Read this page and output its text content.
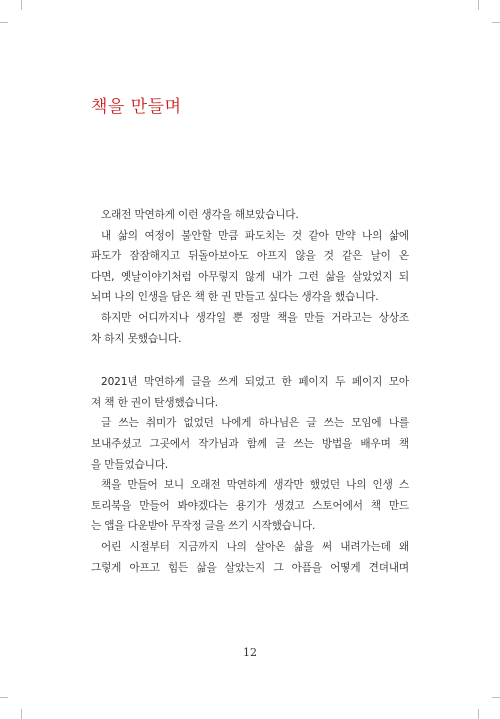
책을 만들며
오래전 막연하게 이런 생각을 해보았습니다.
내 삶의 여정이 불안할 만큼 파도치는 것 같아 만약 나의 삶에
파도가 잠잠해지고 뒤돌아보아도 아프지 않을 것 같은 날이 온
다면, 옛날이야기처럼 아무렇지 않게 내가 그런 삶을 살았었지 되
뇌며 나의 인생을 담은 책 한 권 만들고 싶다는 생각을 했습니다.
하지만 어디까지나 생각일 뿐 정말 책을 만들 거라고는 상상조
차 하지 못했습니다.
2021년 막연하게 글을 쓰게 되었고 한 페이지 두 페이지 모아
져 책 한 권이 탄생했습니다.
글 쓰는 취미가 없었던 나에게 하나님은 글 쓰는 모임에 나를
보내주셨고 그곳에서 작가님과 함께 글 쓰는 방법을 배우며 책
을 만들었습니다.
책을 만들어 보니 오래전 막연하게 생각만 했었던 나의 인생 스
토리북을 만들어 봐야겠다는 용기가 생겼고 스토어에서 책 만드
는 앱을 다운받아 무작정 글을 쓰기 시작했습니다.
어린 시절부터 지금까지 나의 살아온 삶을 써 내려가는데 왜
그렇게 아프고 힘든 삶을 살았는지 그 아픔을 어떻게 견뎌내며
12
